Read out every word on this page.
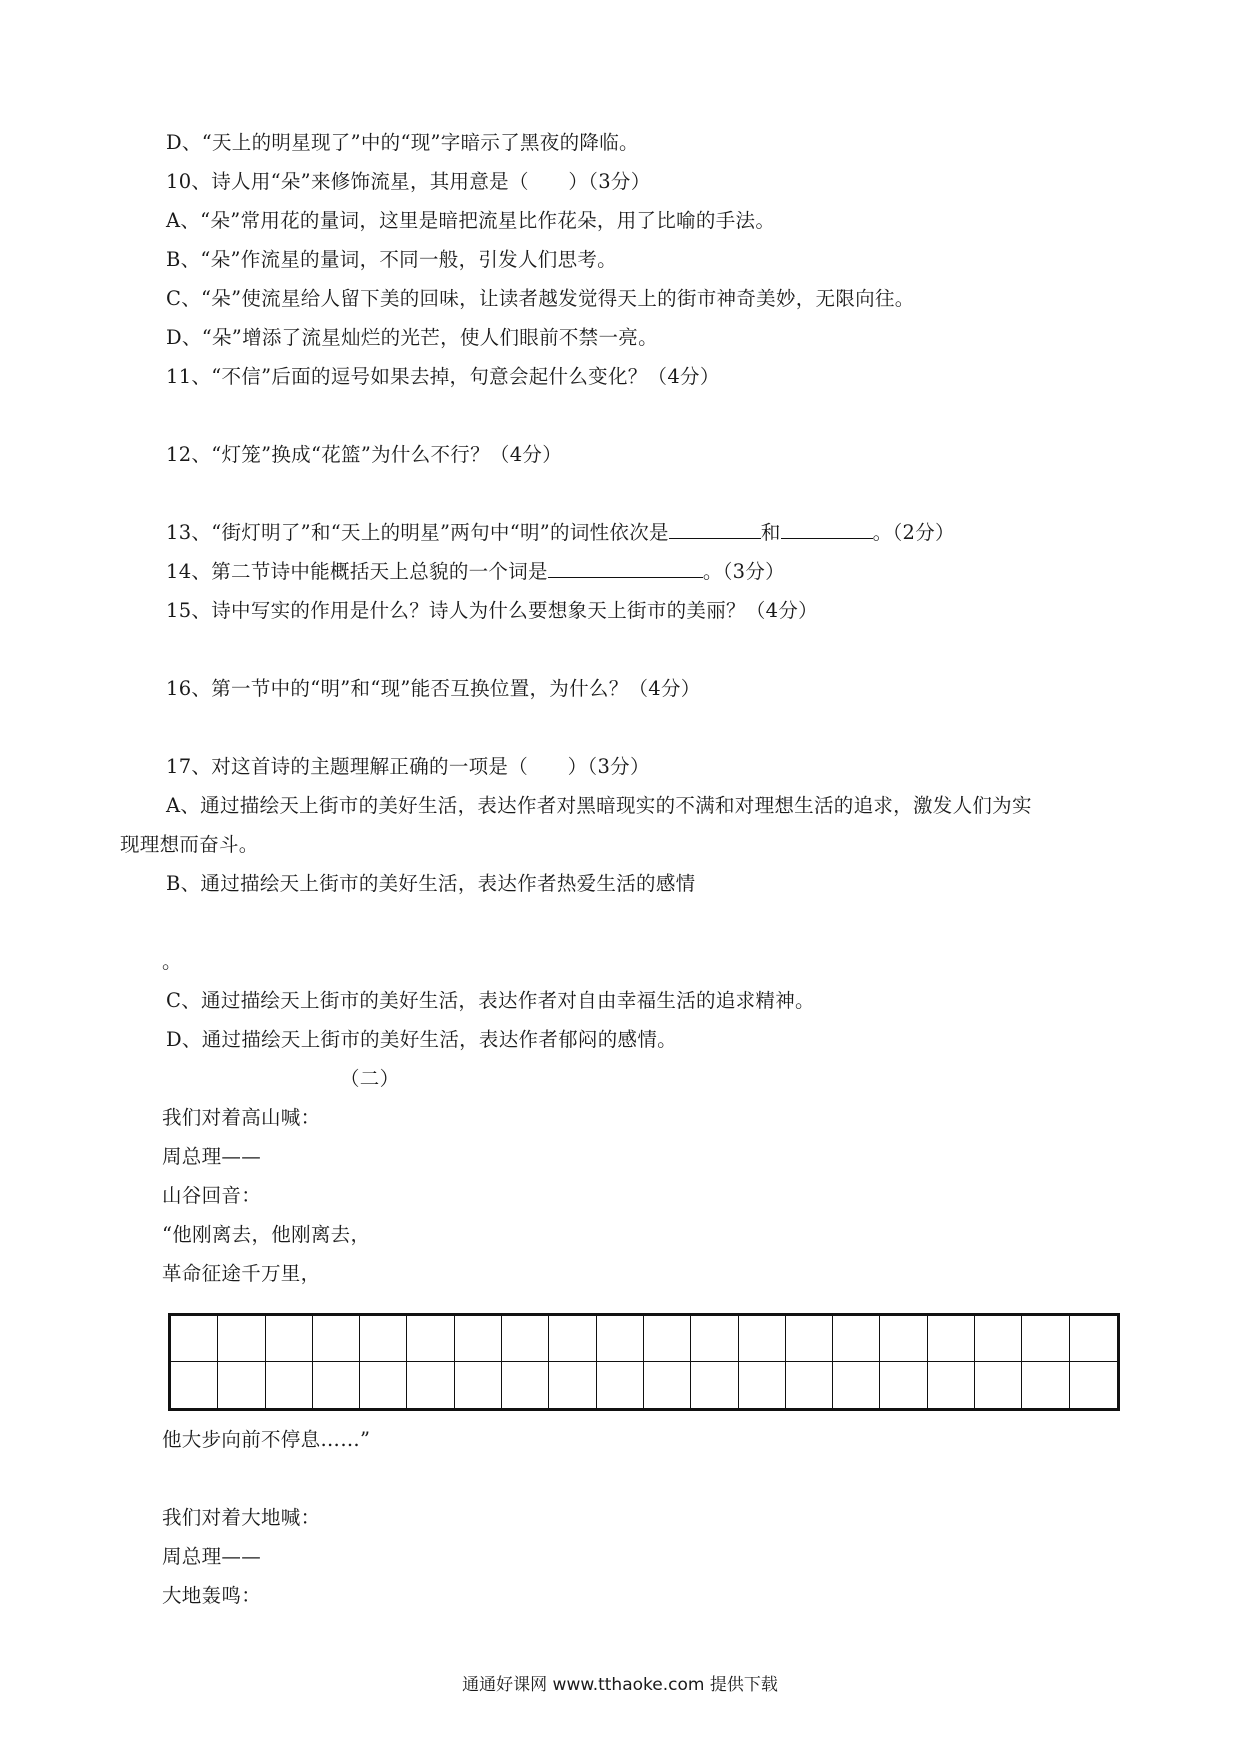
D、“天上的明星现了”中的“现”字暗示了黑夜的降临。
10、诗人用“朵”来修饰流星，其用意是（　　）（3分）
A、“朵”常用花的量词，这里是暗把流星比作花朵，用了比喻的手法。
B、“朵”作流星的量词，不同一般，引发人们思考。
C、“朵”使流星给人留下美的回味，让读者越发觉得天上的街市神奇美妙，无限向往。
D、“朵”增添了流星灿烂的光芒，使人们眼前不禁一亮。
11、“不信”后面的逗号如果去掉，句意会起什么变化？（4分）
12、“灯笼”换成“花篮”为什么不行？（4分）
14、第二节诗中能概括天上总貌的一个词是	。（3分）
15、诗中写实的作用是什么？诗人为什么要想象天上街市的美丽？（4分）
16、第一节中的“明”和“现”能否互换位置，为什么？（4分）
17、对这首诗的主题理解正确的一项是（　　）（3分）
A、通过描绘天上街市的美好生活，表达作者对黑暗现实的不满和对理想生活的追求，激发人们为实
现理想而奋斗。
B、通过描绘天上街市的美好生活，表达作者热爱生活的感情
。
C、通过描绘天上街市的美好生活，表达作者对自由幸福生活的追求精神。
D、通过描绘天上街市的美好生活，表达作者郁闷的感情。
（二）
我们对着高山喊：
周总理——
山谷回音：
“他刚离去，他刚离去，
革命征途千万里，
他大步向前不停息……”
我们对着大地喊：
周总理——
大地轰鸣：
13、“街灯明了”和“天上的明星”两句中“明”的词性依次是	和	。（2分）
通通好课网 www.tthaoke.com 提供下载
